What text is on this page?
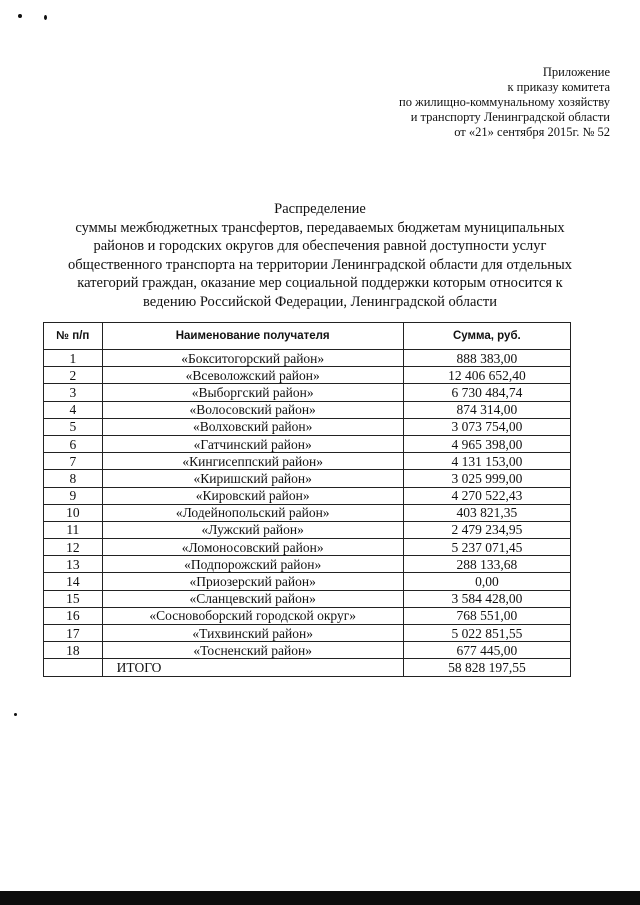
Приложение
к приказу комитета
по жилищно-коммунальному хозяйству
и транспорту Ленинградской области
от «21» сентября 2015г. № 52
Распределение
суммы межбюджетных трансфертов, передаваемых бюджетам муниципальных
районов и городских округов для обеспечения равной доступности услуг
общественного транспорта на территории Ленинградской области для отдельных
категорий граждан, оказание мер социальной поддержки которым относится к
ведению Российской Федерации, Ленинградской области
№ п/п	Наименование получателя	Сумма, руб.
1	«Бокситогорский район»	888 383,00
2	«Всеволожский район»	12 406 652,40
3	«Выборгский район»	6 730 484,74
4	«Волосовский район»	874 314,00
5	«Волховский район»	3 073 754,00
6	«Гатчинский район»	4 965 398,00
7	«Кингисеппский район»	4 131 153,00
8	«Киришский район»	3 025 999,00
9	«Кировский район»	4 270 522,43
10	«Лодейнопольский район»	403 821,35
11	«Лужский район»	2 479 234,95
12	«Ломоносовский район»	5 237 071,45
13	«Подпорожский район»	288 133,68
14	«Приозерский район»	0,00
15	«Сланцевский район»	3 584 428,00
16	«Сосновоборский городской округ»	768 551,00
17	«Тихвинский район»	5 022 851,55
18	«Тосненский район»	677 445,00
	ИТОГО	58 828 197,55
